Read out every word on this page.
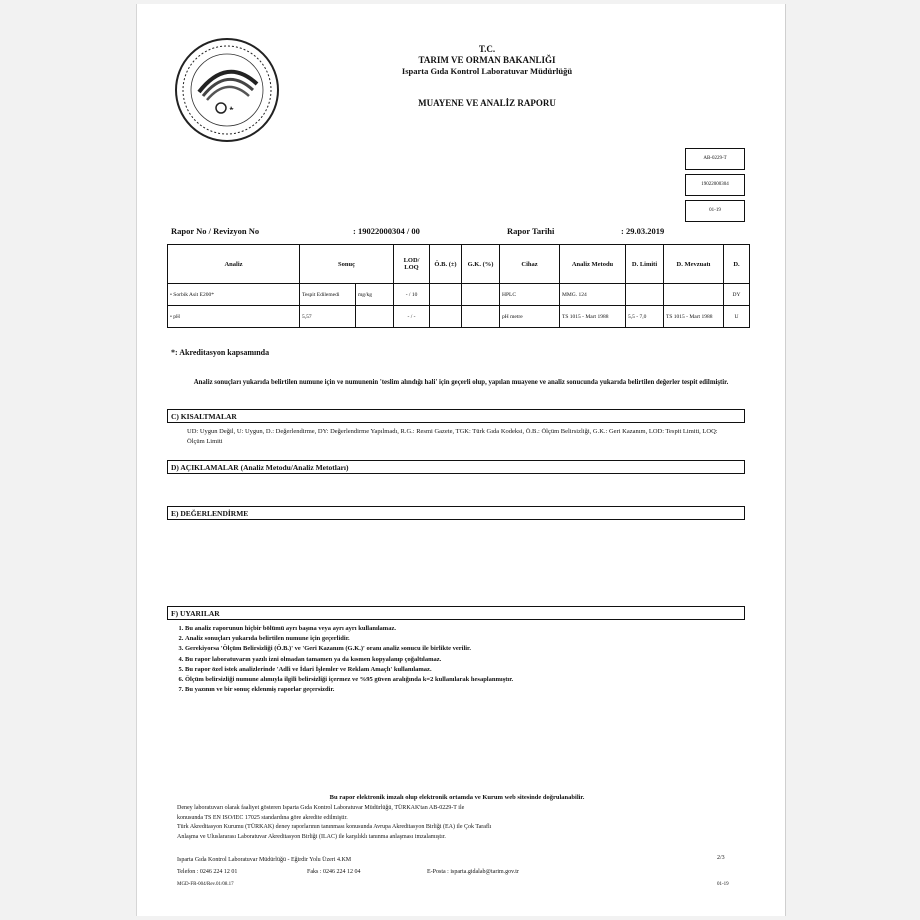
T.C.
TARIM VE ORMAN BAKANLIĞI
Isparta Gıda Kontrol Laboratuvar Müdürlüğü
MUAYENE VE ANALİZ RAPORU
AB-0229-T
19022000304
01-19
Rapor No / Revizyon No	: 19022000304 / 00	Rapor Tarihi	: 29.03.2019
Analiz	Sonuç		LOD/ LOQ	Ö.B. (±)	G.K. (%)	Cihaz	Analiz Metodu	D. Limiti	D. Mevzuatı	D.
• Sorbik Asit E200*	Tespit Edilemedi	mg/kg	- / 10			HPLC	MMG. 124			DY
• pH	5,57		- / -			pH metre	TS 1015 - Mart 1988	5,5 - 7,0	TS 1015 - Mart 1988	U
*: Akreditasyon kapsamında
Analiz sonuçları yukarıda belirtilen numune için ve numunenin 'teslim alındığı hali' için geçerli olup, yapılan muayene ve analiz sonucunda yukarıda belirtilen değerler tespit edilmiştir.
C) KISALTMALAR
UD: Uygun Değil, U: Uygun, D.: Değerlendirme, DY: Değerlendirme Yapılmadı, R.G.: Resmi Gazete, TGK: Türk Gıda Kodeksi, Ö.B.: Ölçüm Belirsizliği, G.K.: Geri Kazanım, LOD: Tespit Limiti, LOQ: Ölçüm Limiti
D) AÇIKLAMALAR (Analiz Metodu/Analiz Metotları)
E) DEĞERLENDİRME
F) UYARILAR
1. Bu analiz raporunun hiçbir bölümü ayrı başına veya ayrı ayrı kullanılamaz.
2. Analiz sonuçları yukarıda belirtilen numune için geçerlidir.
3. Gerekiyorsa 'Ölçüm Belirsizliği (Ö.B.)' ve 'Geri Kazanım (G.K.)' oranı analiz sonucu ile birlikte verilir.
4. Bu rapor laboratuvarın yazılı izni olmadan tamamen ya da kısmen kopyalanıp çoğaltılamaz.
5. Bu rapor özel istek analizlerinde 'Adli ve İdari İşlemler ve Reklam Amaçlı' kullanılamaz.
6. Ölçüm belirsizliği numune alımıyla ilgili belirsizliği içermez ve %95 güven aralığında k=2 kullanılarak hesaplanmıştır.
7. Bu yazının ve bir sonuç eklenmiş raporlar geçersizdir.
Bu rapor elektronik imzalı olup elektronik ortamda ve Kurum web sitesinde doğrulanabilir.
Deney laboratuvarı olarak faaliyet gösteren Isparta Gıda Kontrol Laboratuvar Müdürlüğü, TÜRKAK'tan AB-0229-T ile
konusunda TS EN ISO/IEC 17025 standardına göre akredite edilmiştir.
Türk Akreditasyon Kurumu (TÜRKAK) deney raporlarının tanınması konusunda Avrupa Akreditasyon Birliği (EA) ile Çok Taraflı
Anlaşma ve Uluslararası Laboratuvar Akreditasyon Birliği (ILAC) ile karşılıklı tanınma anlaşması imzalamıştır.
Isparta Gıda Kontrol Laboratuvar Müdürlüğü - Eğirdir Yolu Üzeri 4.KM	2/3
Telefon : 0246 224 12 01	Faks : 0246 224 12 04	E-Posta : isparta.gidalab@tarim.gov.tr
MGD-FR-004/Rev.01/08.17	01-19
